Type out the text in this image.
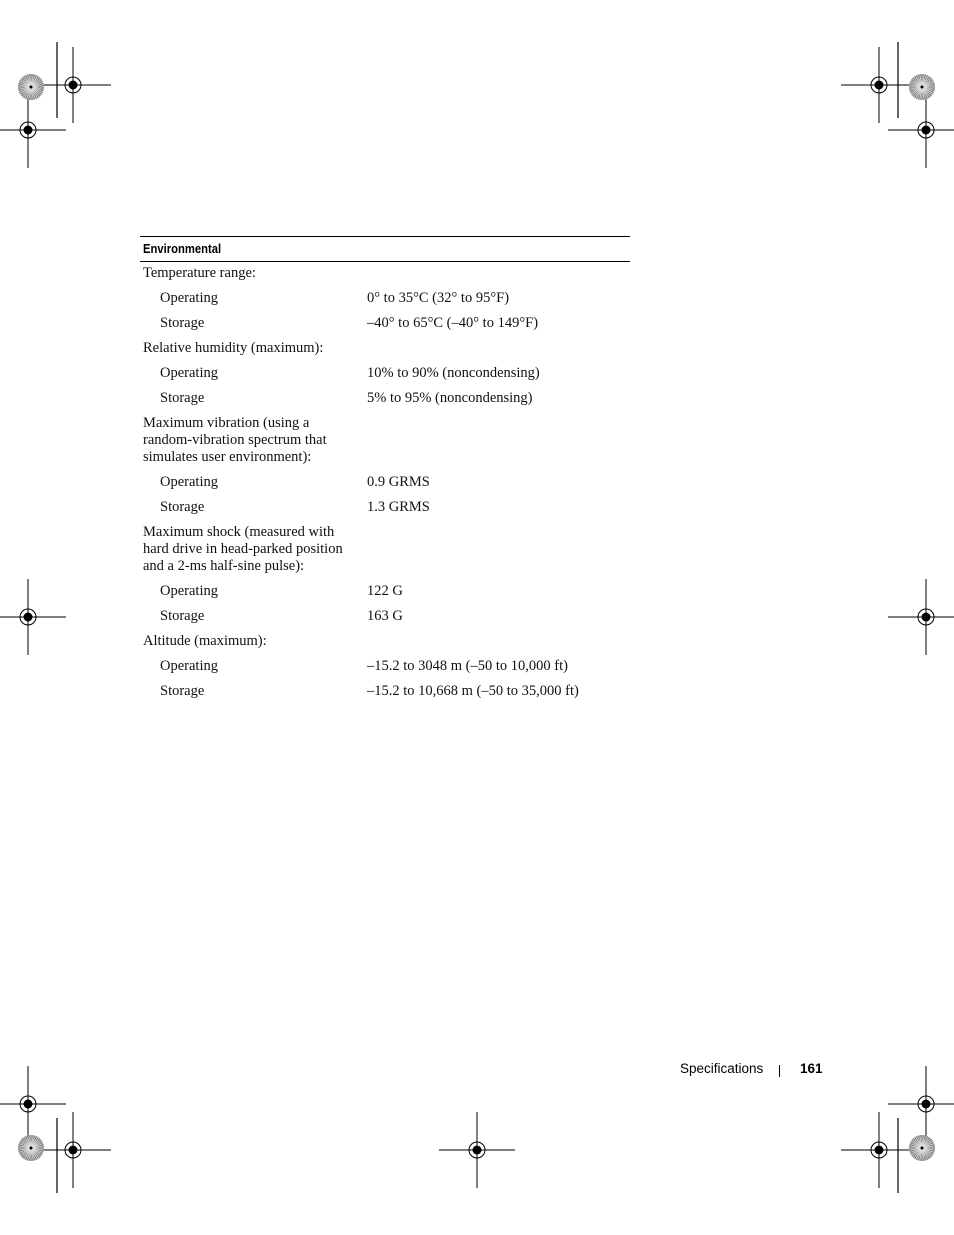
Environmental
Temperature range:
Operating	0° to 35°C (32° to 95°F)
Storage	–40° to 65°C (–40° to 149°F)
Relative humidity (maximum):
Operating	10% to 90% (noncondensing)
Storage	5% to 95% (noncondensing)
Maximum vibration (using a random-vibration spectrum that simulates user environment):
Operating	0.9 GRMS
Storage	1.3 GRMS
Maximum shock (measured with hard drive in head-parked position and a 2-ms half-sine pulse):
Operating	122 G
Storage	163 G
Altitude (maximum):
Operating	–15.2 to 3048 m (–50 to 10,000 ft)
Storage	–15.2 to 10,668 m (–50 to 35,000 ft)
Specifications	161
